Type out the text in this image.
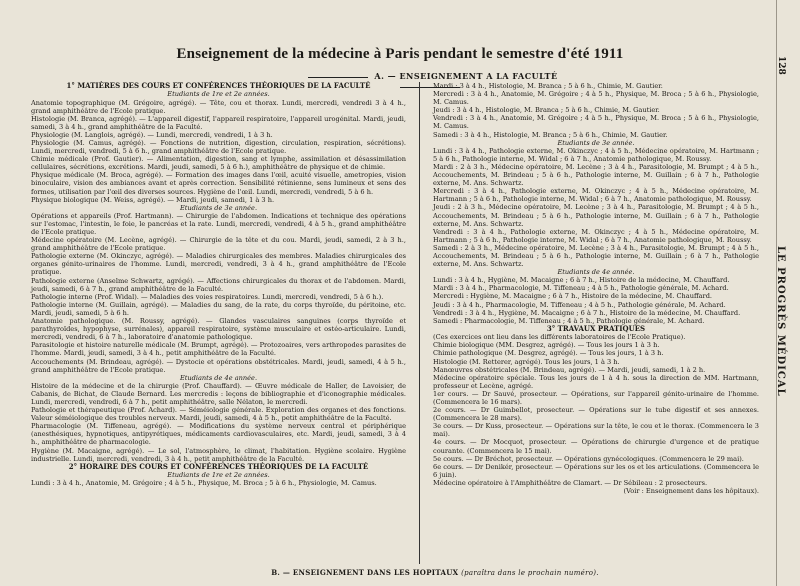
Enseignement de la médecine à Paris pendant le semestre d'été 1911
A. — ENSEIGNEMENT A LA FACULTÉ

1° MATIÈRES DES COURS ET CONFÉRENCES THÉORIQUES DE LA FACULTÉ

Etudiants de 1re et 2e années.

Anatomie topographique (M. Grégoire, agrégé). — Tête, cou et thorax. Lundi, mercredi, vendredi 3 à 4 h., grand amphithéâtre de l'Ecole pratique.

Histologie (M. Branca, agrégé). — L'appareil digestif, l'appareil respiratoire, l'appareil urogénital. Mardi, jeudi, samedi, 3 à 4 h., grand amphithéâtre de la Faculté.

Physiologie (M. Langlois, agrégé). — Lundi, mercredi, vendredi, 1 à 3 h.

Physiologie (M. Camus, agrégé). — Fonctions de nutrition, digestion, circulation, respiration, sécrétions). Lundi, mercredi, vendredi, 5 à 6 h., grand amphithéâtre de l'Ecole pratique.

Chimie médicale (Prof. Gautier). — Alimentation, digestion, sang et lymphe, assimilation et désassimilation cellulaires, sécrétions, excrétions. Mardi, jeudi, samedi, 5 à 6 h.), amphithéâtre de physique et de chimie.

Physique médicale (M. Broca, agrégé). — Formation des images dans l'œil, acuité visuelle, ametropies, vision binoculaire, vision des ambiances avant et après correction. Sensibilité rétinienne, sens lumineux et sens des formes, utilisation par l'œil des diverses sources. Hygiène de l'œil. Lundi, mercredi, vendredi, 5 à 6 h.

Physique biologique (M. Weiss, agrégé). — Mardi, jeudi, samedi, 1 à 3 h.

Etudiants de 3e année.

Opérations et appareils (Prof. Hartmann). — Chirurgie de l'abdomen. Indications et technique des opérations sur l'estomac, l'intestin, le foie, le pancréas et la rate. Lundi, mercredi, vendredi, 4 à 5 h., grand amphithéâtre de l'Ecole pratique.

Médecine opératoire (M. Lecène, agrégé). — Chirurgie de la tête et du cou. Mardi, jeudi, samedi, 2 à 3 h., grand amphithéâtre de l'Ecole pratique.

Pathologie externe (M. Okinczyc, agrégé). — Maladies chirurgicales des membres. Maladies chirurgicales des organes génito-urinaires de l'homme. Lundi, mercredi, vendredi, 3 à 4 h., grand amphithéâtre de l'Ecole pratique.

Pathologie externe (Anselme Schwartz, agrégé). — Affections chirurgicales du thorax et de l'abdomen. Mardi, jeudi, samedi, 6 à 7 h., grand amphithéâtre de la Faculté.

Pathologie interne (Prof. Widal). — Maladies des voies respiratoires. Lundi, mercredi, vendredi, 5 à 6 h.).

Pathologie interne (M. Guillain, agrégé). — Maladies du sang, de la rate, du corps thyroïde, du péritoine, etc. Mardi, jeudi, samedi, 5 à 6 h.

Anatomie pathologique. (M. Roussy, agrégé). — Glandes vasculaires sanguines (corps thyroïde et parathyroïdes, hypophyse, surrénales), appareil respiratoire, système musculaire et ostéo-articulaire. Lundi, mercredi, vendredi, 6 à 7 h., laboratoire d'anatomie pathologique.

Parasitologie et histoire naturelle médicale (M. Brumpt, agrégé). — Protozoaires, vers arthropodes parasites de l'homme. Mardi, jeudi, samedi, 3 à 4 h., petit amphithéâtre de la Faculté.

Accouchements (M. Brindeau, agrégé). — Dystocie et opérations obstétricales. Mardi, jeudi, samedi, 4 à 5 h., grand amphithéâtre de l'Ecole pratique.

Etudiants de 4e année.

Histoire de la médecine et de la chirurgie (Prof. Chauffard). — Œuvre médicale de Haller, de Lavoisier, de Cabanis, de Bichat, de Claude Bernard. Les mercredis : leçons de bibliographie et d'iconographie médicales. Lundi, mercredi, vendredi, 6 à 7 h., petit amphithéâtre, salle Nélaton, le mercredi.

Pathologie et thérapeutique (Prof. Achard). — Séméiologie générale. Exploration des organes et des fonctions. Valeur séméiologique des troubles nerveux. Mardi, jeudi, samedi, 4 à 5 h., petit amphithéâtre de la Faculté.

Pharmacologie (M. Tiffeneau, agrégé). — Modifications du système nerveux central et périphérique (anesthésiques, hypnotiques, antipyrétiques, médicaments cardiovasculaires, etc. Mardi, jeudi, samedi, 3 à 4 h., amphithéâtre de pharmacologie.

Hygiène (M. Macaigne, agrégé). — Le sol, l'atmosphère, le climat, l'habitation. Hygiène scolaire. Hygiène industrielle. Lundi, mercredi, vendredi, 3 à 4 h., petit amphithéâtre de la Faculté.

2° HORAIRE DES COURS ET CONFÉRENCES THÉORIQUES DE LA FACULTÉ

Etudiants de 1re et 2e années.

Lundi : 3 à 4 h., Anatomie, M. Grégoire ; 4 à 5 h., Physique, M. Broca ; 5 à 6 h., Physiologie, M. Camus.

Mardi : 3 à 4 h., Histologie, M. Branca ; 5 à 6 h., Chimie, M. Gautier.

Mercredi : 3 à 4 h., Anatomie, M. Grégoire ; 4 à 5 h., Physique, M. Broca ; 5 à 6 h., Physiologie, M. Camus.

Jeudi : 3 à 4 h., Histologie, M. Branca ; 5 à 6 h., Chimie, M. Gautier.

Vendredi : 3 à 4 h., Anatomie, M. Grégoire ; 4 à 5 h., Physique, M. Broca ; 5 à 6 h., Physiologie, M. Camus.

Samedi : 3 à 4 h., Histologie, M. Branca ; 5 à 6 h., Chimie, M. Gautier.

Etudiants de 3e année.

Lundi : 3 à 4 h., Pathologie externe, M. Okinczyc ; 4 à 5 h., Médecine opératoire, M. Hartmann ; 5 à 6 h., Pathologie interne, M. Widal ; 6 à 7 h., Anatomie pathologique, M. Roussy.

Mardi : 2 à 3 h., Médecine opératoire, M. Lecène ; 3 à 4 h., Parasitologie, M. Brumpt ; 4 à 5 h., Accouchements, M. Brindeau ; 5 à 6 h., Pathologie interne, M. Guillain ; 6 à 7 h., Pathologie externe, M. Ans. Schwartz.

Mercredi : 3 à 4 h., Pathologie externe, M. Okinczyc ; 4 à 5 h., Médecine opératoire, M. Hartmann ; 5 à 6 h., Pathologie interne, M. Widal ; 6 à 7 h., Anatomie pathologique, M. Roussy.

Jeudi : 2 à 3 h., Médecine opératoire, M. Lecène ; 3 à 4 h., Parasitologie, M. Brumpt ; 4 à 5 h., Accouchements, M. Brindeau ; 5 à 6 h., Pathologie interne, M. Guillain ; 6 à 7 h., Pathologie externe, M. Ans. Schwartz.

Vendredi : 3 à 4 h., Pathologie externe, M. Okinczyc ; 4 à 5 h., Médecine opératoire, M. Hartmann ; 5 à 6 h., Pathologie interne, M. Widal ; 6 à 7 h., Anatomie pathologique, M. Roussy.

Samedi : 2 à 3 h., Médecine opératoire, M. Lecène ; 3 à 4 h., Parasitologie, M. Brumpt ; 4 à 5 h., Accouchements, M. Brindeau ; 5 à 6 h., Pathologie interne, M. Guillain ; 6 à 7 h., Pathologie externe, M. Ans. Schwartz.

Etudiants de 4e année.

Lundi : 3 à 4 h., Hygiène, M. Macaigne ; 6 à 7 h., Histoire de la médecine, M. Chauffard.

Mardi : 3 à 4 h., Pharmacologie, M. Tiffeneau ; 4 à 5 h., Pathologie générale, M. Achard.

Mercredi : Hygiène, M. Macaigne ; 6 à 7 h., Histoire de la médecine, M. Chauffard.

Jeudi : 3 à 4 h., Pharmacologie, M. Tiffeneau ; 4 à 5 h., Pathologie générale, M. Achard.

Vendredi : 3 à 4 h., Hygiène, M. Macaigne ; 6 à 7 h., Histoire de la médecine, M. Chauffard.

Samedi : Pharmacologie, M. Tiffeneau ; 4 à 5 h., Pathologie générale, M. Achard.

3° TRAVAUX PRATIQUES

(Ces exercices ont lieu dans les différents laboratoires de l'Ecole Pratique).

Chimie biologique (MM. Desgrez, agrégé). — Tous les jours 1 à 3 h.

Chimie pathologique (M. Desgrez, agrégé). — Tous les jours, 1 à 3 h.

Histologie (M. Retterer, agrégé). Tous les jours, 1 à 3 h.

Manœuvres obstétricales (M. Brindeau, agrégé). — Mardi, jeudi, samedi, 1 à 2 h.

Médecine opératoire spéciale. Tous les jours de 1 à 4 h. sous la direction de MM. Hartmann, professeur et Lecène, agrégé.

1er cours. — Dr Sauvé, prosecteur. — Opérations, sur l'appareil génito-urinaire de l'homme. (Commencera le 16 mars).

2e cours. — Dr Guimbellot, prosecteur. — Opérations sur le tube digestif et ses annexes. (Commencera le 28 mars).

3e cours. — Dr Kuss, prosecteur. — Opérations sur la tête, le cou et le thorax. (Commencera le 3 mai).

4e cours. — Dr Mocquot, prosecteur. — Opérations de chirurgie d'urgence et de pratique courante. (Commencera le 15 mai).

5e cours. — Dr Bréchot, prosecteur. — Opérations gynécologiques. (Commencera le 29 mai).

6e cours. — Dr Denikér, prosecteur. — Opérations sur les os et les articulations. (Commencera le 6 juin).

Médecine opératoire à l'Amphithéâtre de Clamart. — Dr Sébileau : 2 prosecteurs.

(Voir : Enseignement dans les hôpitaux).

B. — ENSEIGNEMENT DANS LES HOPITAUX (paraîtra dans le prochain numéro).
128
LE PROGRÈS MÉDICAL
